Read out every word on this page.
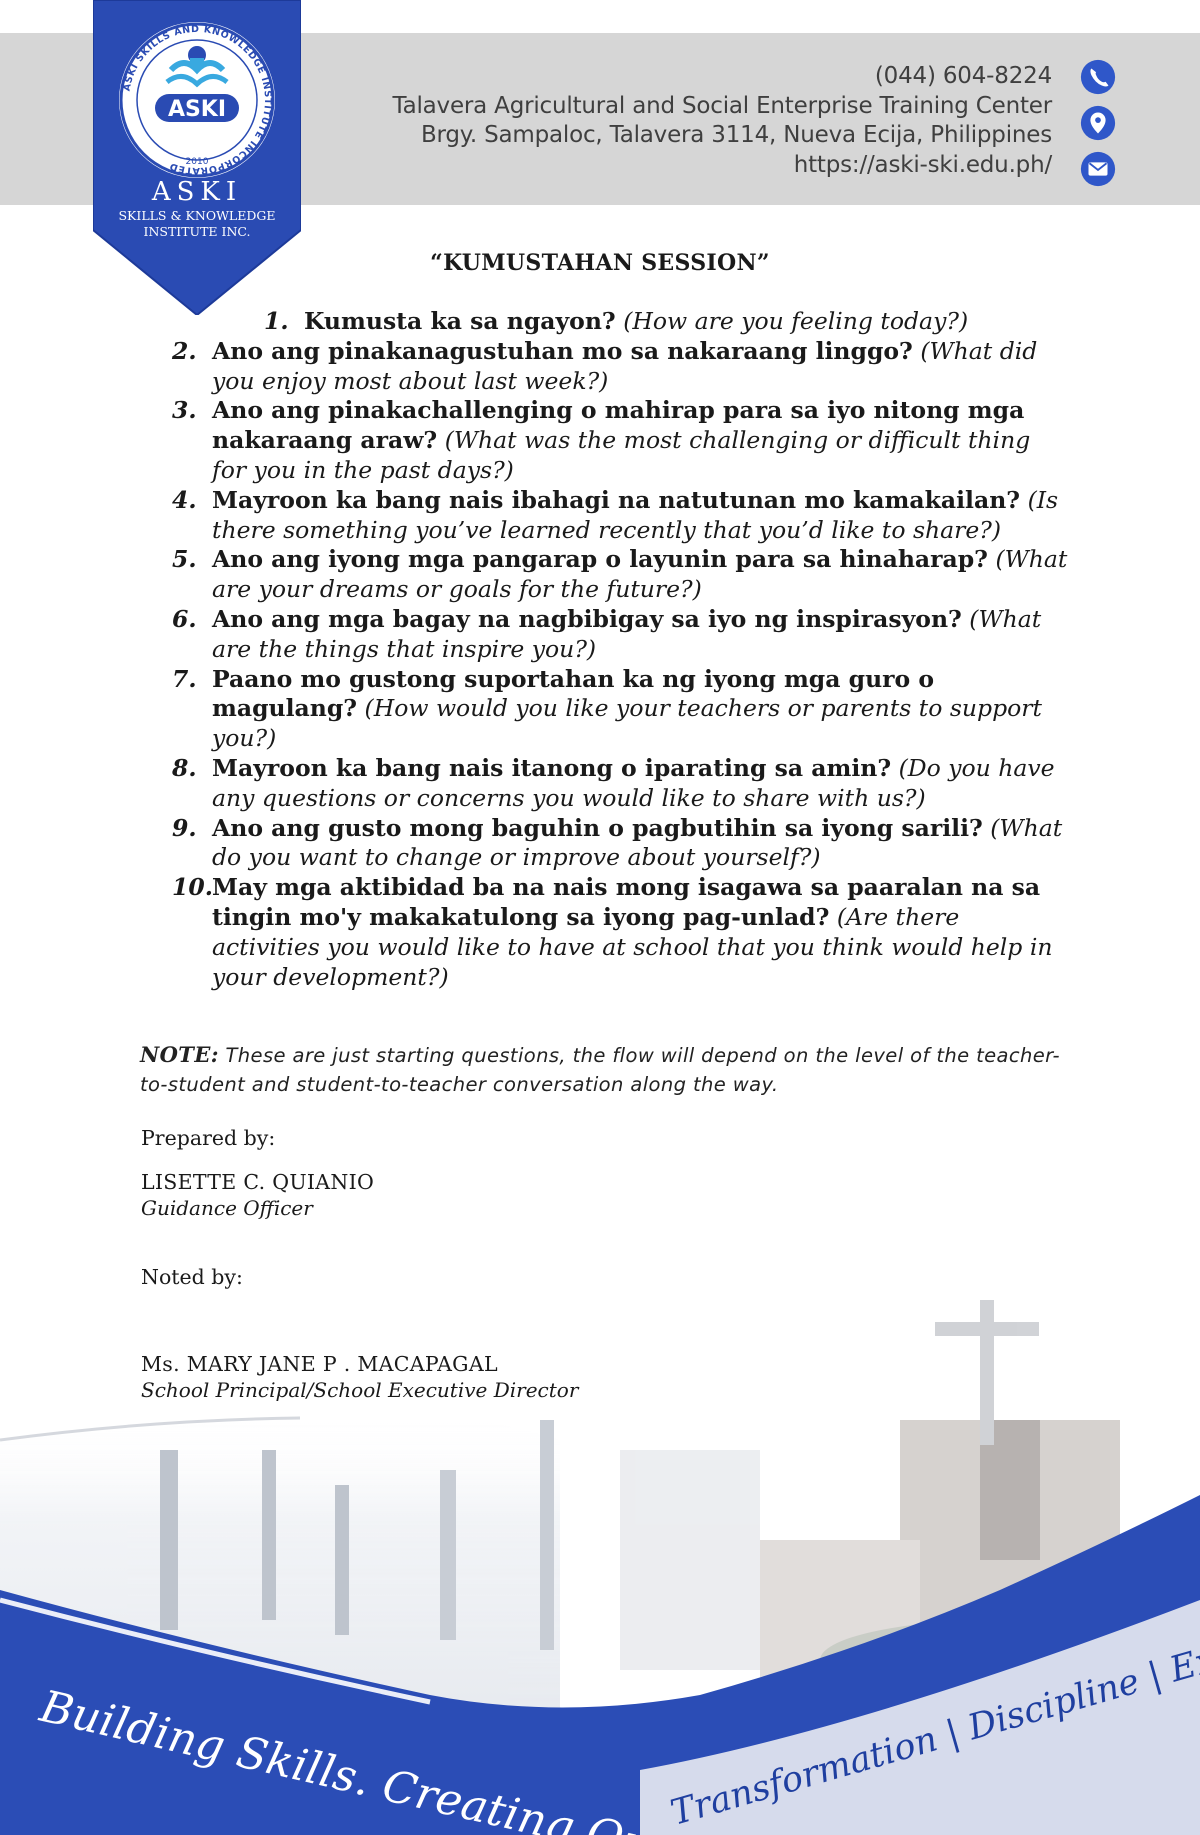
(044) 604-8224
Talavera Agricultural and Social Enterprise Training Center
Brgy. Sampaloc, Talavera 3114, Nueva Ecija, Philippines
https://aski-ski.edu.ph/
ASKI SKILLS AND KNOWLEDGE INSTITUTE INCORPORATED
ASKI
2010
ASKI
SKILLS & KNOWLEDGE
INSTITUTE INC.
“KUMUSTAHAN SESSION”
1. Kumusta ka sa ngayon? (How are you feeling today?)
2. Ano ang pinakanagustuhan mo sa nakaraang linggo? (What did you enjoy most about last week?)
3. Ano ang pinakachallenging o mahirap para sa iyo nitong mga nakaraang araw? (What was the most challenging or difficult thing for you in the past days?)
4. Mayroon ka bang nais ibahagi na natutunan mo kamakailan? (Is there something you’ve learned recently that you’d like to share?)
5. Ano ang iyong mga pangarap o layunin para sa hinaharap? (What are your dreams or goals for the future?)
6. Ano ang mga bagay na nagbibigay sa iyo ng inspirasyon? (What are the things that inspire you?)
7. Paano mo gustong suportahan ka ng iyong mga guro o magulang? (How would you like your teachers or parents to support you?)
8. Mayroon ka bang nais itanong o iparating sa amin? (Do you have any questions or concerns you would like to share with us?)
9. Ano ang gusto mong baguhin o pagbutihin sa iyong sarili? (What do you want to change or improve about yourself?)
10. May mga aktibidad ba na nais mong isagawa sa paaralan na sa tingin mo'y makakatulong sa iyong pag-unlad? (Are there activities you would like to have at school that you think would help in your development?)
NOTE: These are just starting questions, the flow will depend on the level of the teacher-to-student and student-to-teacher conversation along the way.
Prepared by:
LISETTE C. QUIANIO
Guidance Officer
Noted by:
Ms. MARY JANE P . MACAPAGAL
School Principal/School Executive Director
